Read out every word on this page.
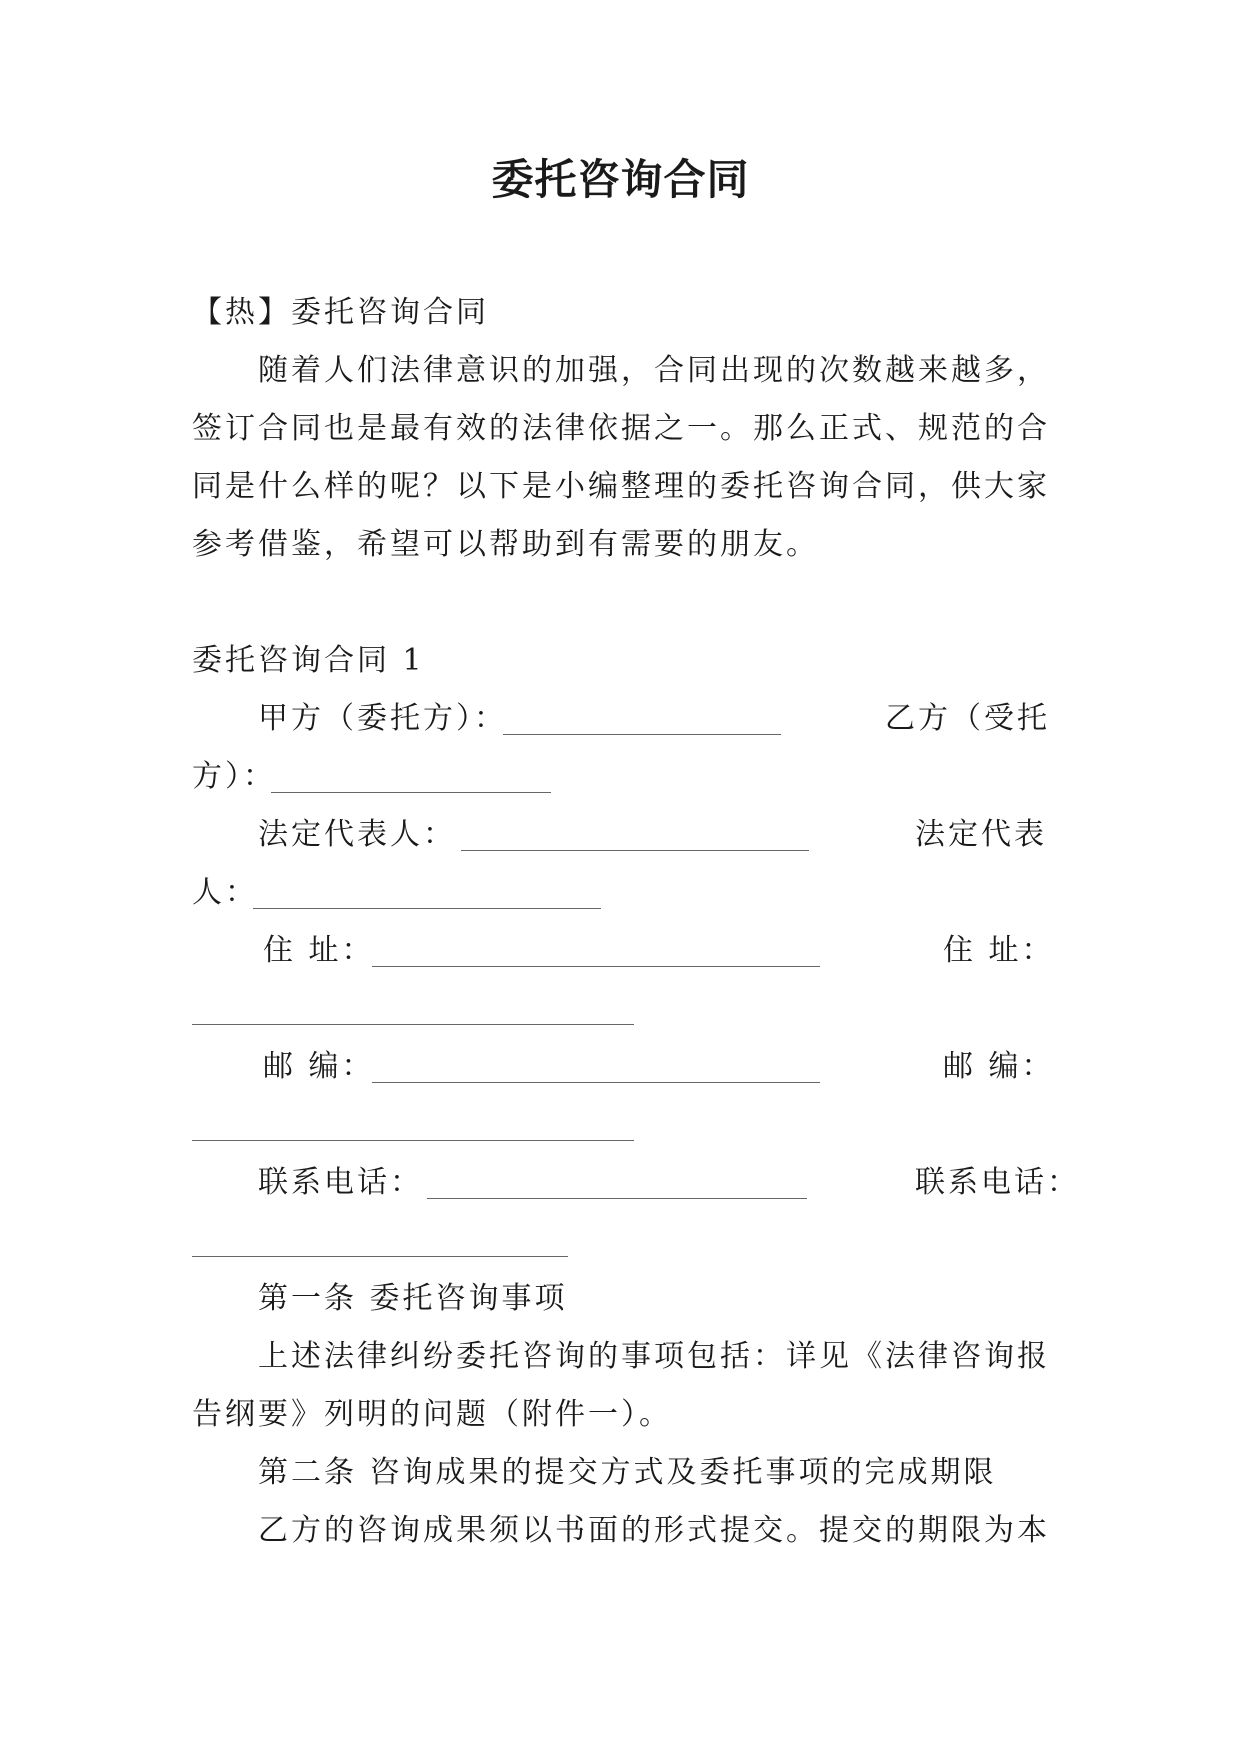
委托咨询合同

【热】委托咨询合同

随着人们法律意识的加强，合同出现的次数越来越多，

签订合同也是最有效的法律依据之一。那么正式、规范的合

同是什么样的呢？以下是小编整理的委托咨询合同，供大家

参考借鉴，希望可以帮助到有需要的朋友。

委托咨询合同 1

甲方（委托方）：	乙方（受托

方）：

法定代表人：	法定代表

人：

住 址：	住 址：

邮 编：	邮 编：

联系电话：	联系电话：

第一条 委托咨询事项

上述法律纠纷委托咨询的事项包括：详见《法律咨询报

告纲要》列明的问题（附件一）。

第二条 咨询成果的提交方式及委托事项的完成期限

乙方的咨询成果须以书面的形式提交。提交的期限为本
